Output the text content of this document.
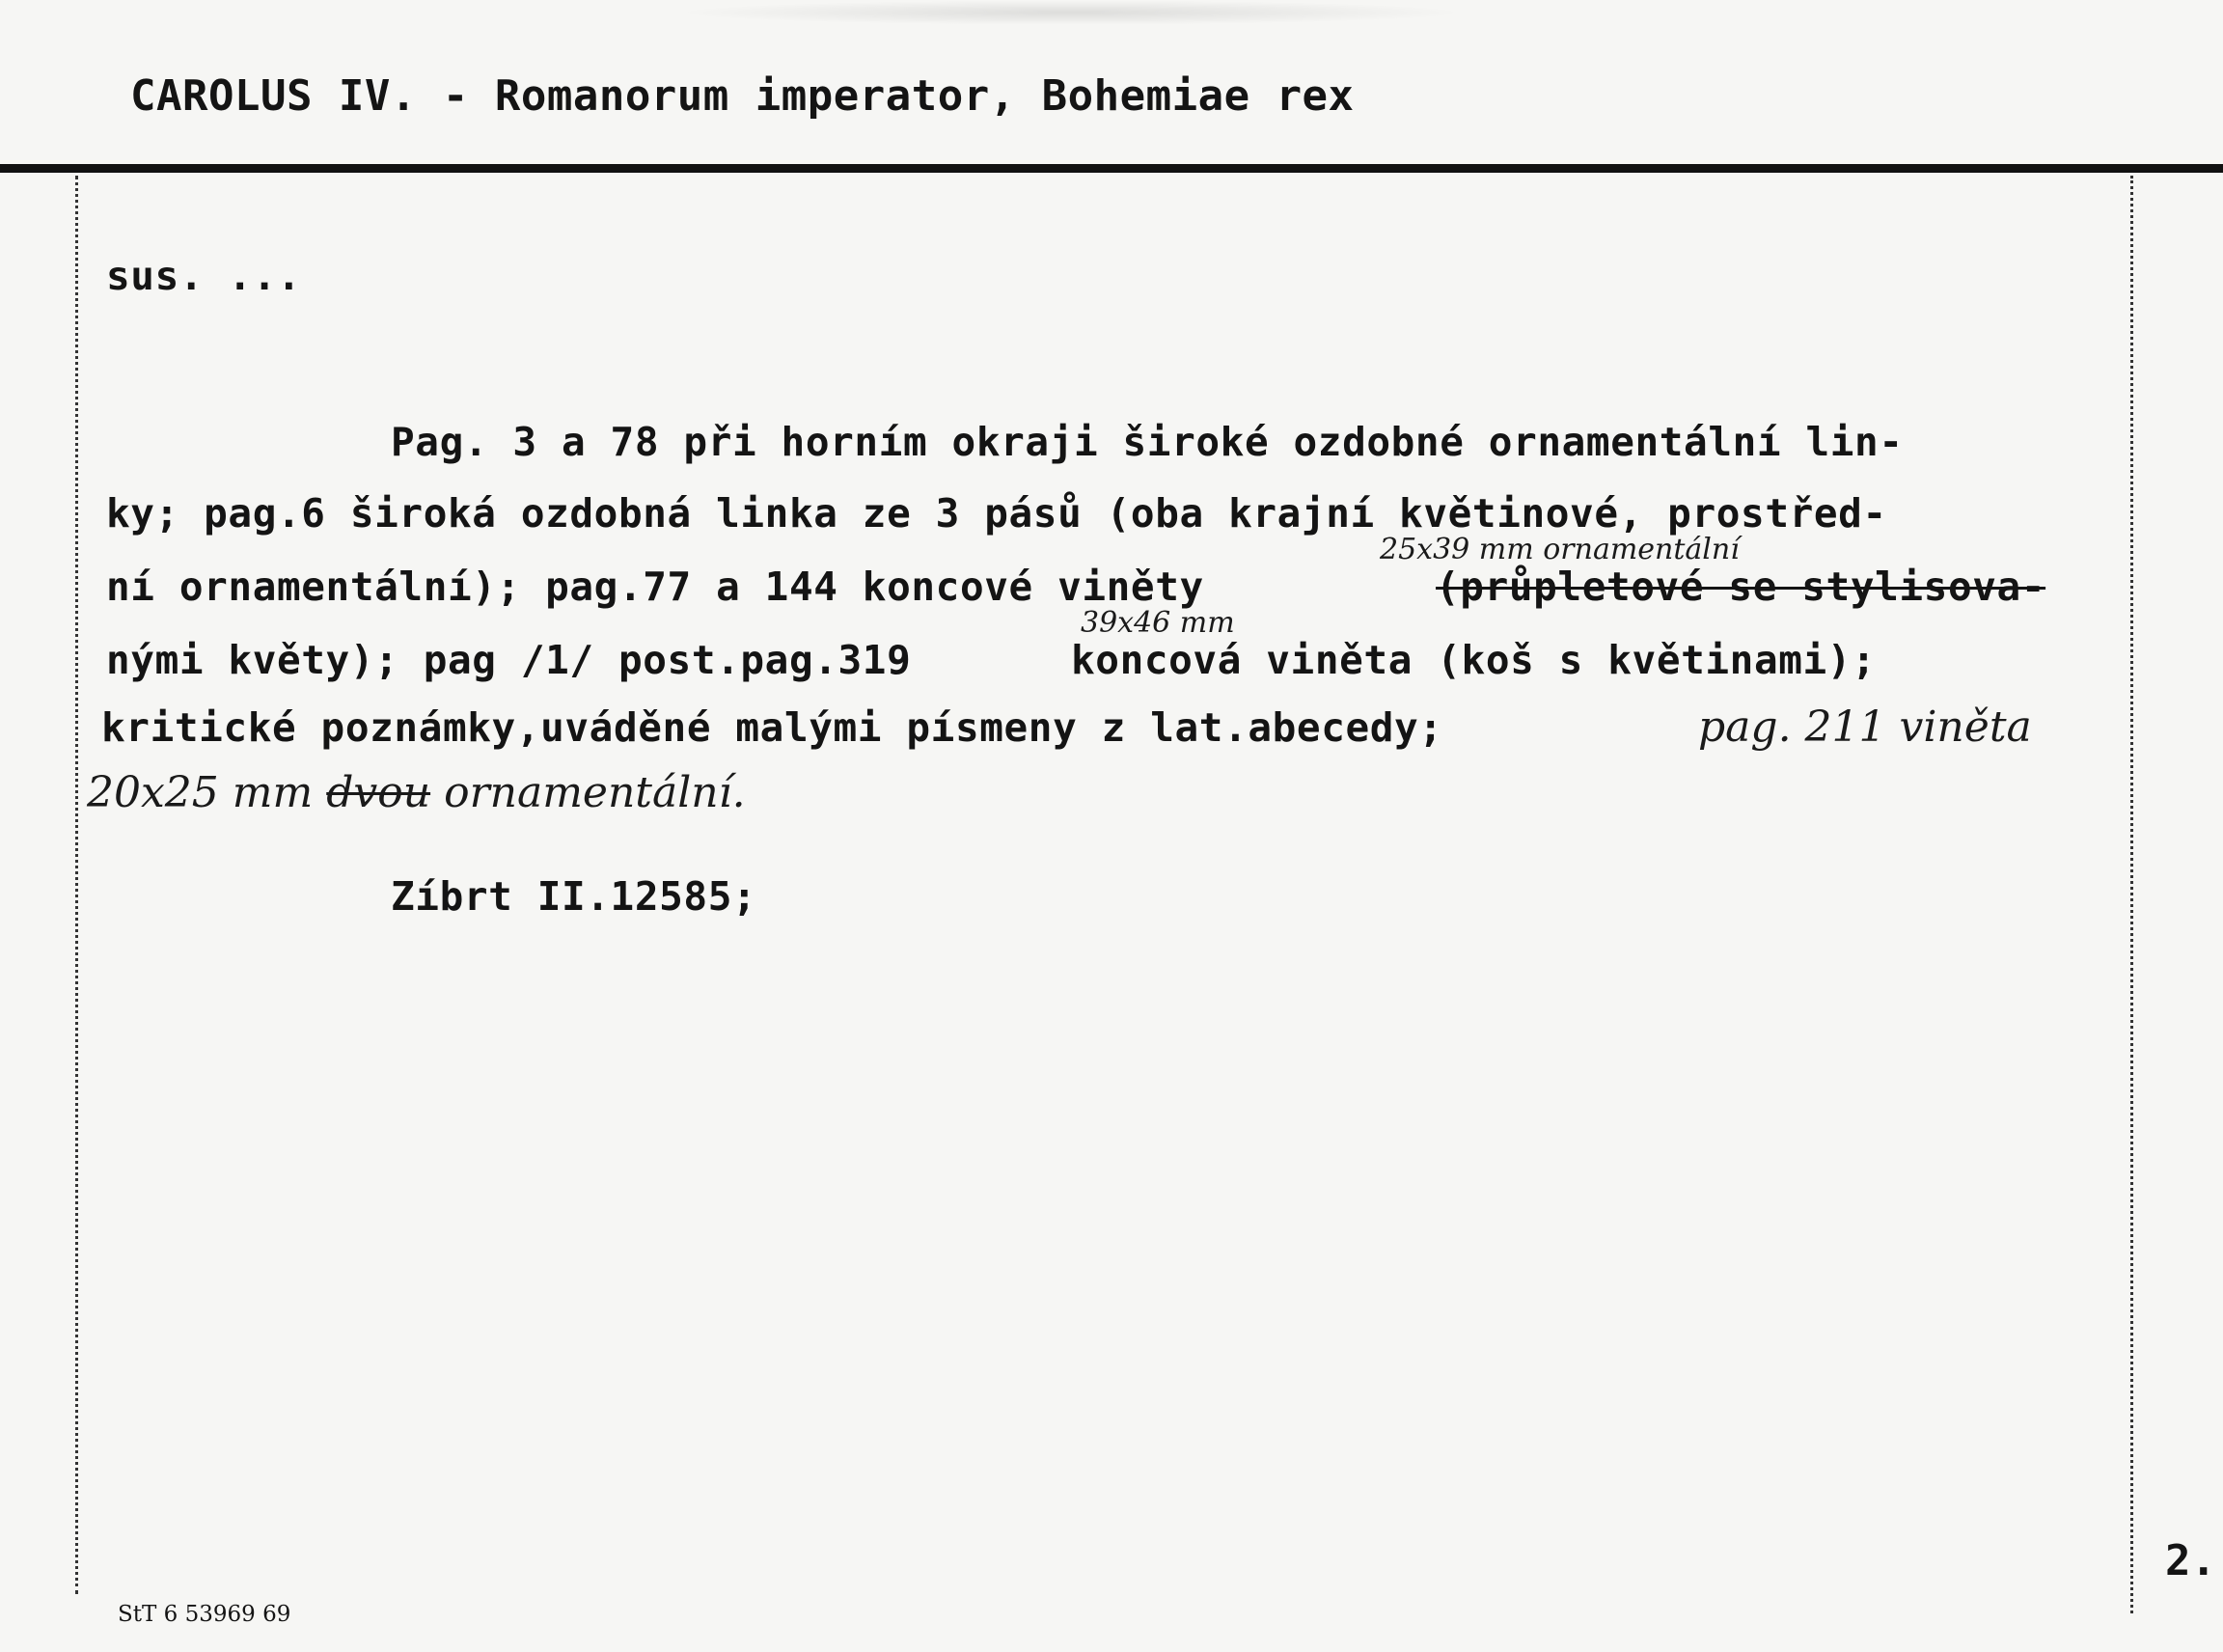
CAROLUS IV. - Romanorum imperator, Bohemiae rex
sus. ...
Pag. 3 a 78 při horním okraji široké ozdobné ornamentální lin-
ky; pag.6 široká ozdobná linka ze 3 pásů (oba krajní květinové, prostřed-
25x39 mm ornamentální
ní ornamentální); pag.77 a 144 koncové viněty	(průpletové se stylisova-
39x46 mm
nými květy); pag /1/ post.pag.319	koncová viněta (koš s květinami);
kritické poznámky,uváděné malými písmeny z lat.abecedy;	pag. 211 viněta
20x25 mm dvou ornamentální.
Zíbrt II.12585;
2.
StT 6 53969 69
